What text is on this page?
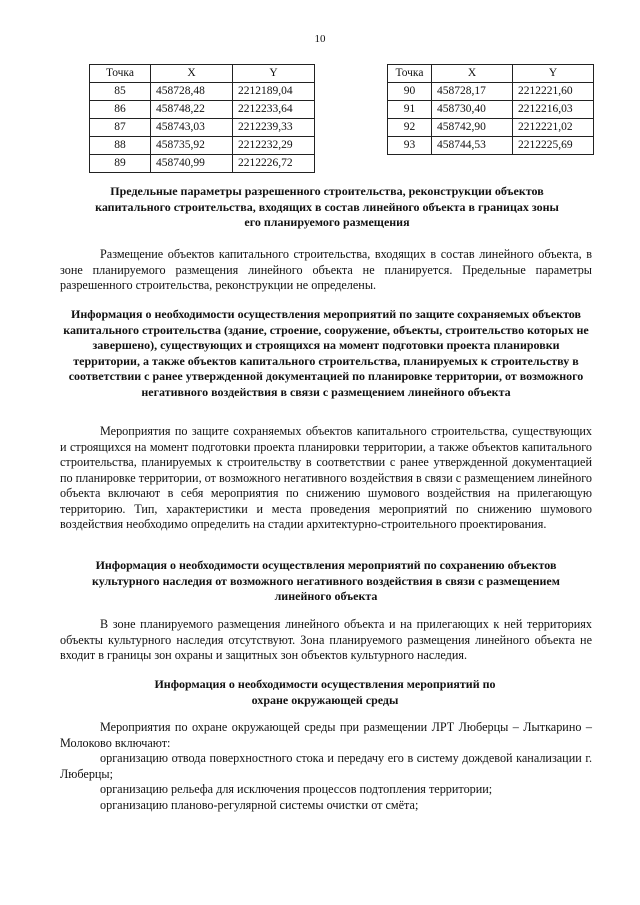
10
Точка	X	Y
85	458728,48	2212189,04
86	458748,22	2212233,64
87	458743,03	2212239,33
88	458735,92	2212232,29
89	458740,99	2212226,72
Точка	X	Y
90	458728,17	2212221,60
91	458730,40	2212216,03
92	458742,90	2212221,02
93	458744,53	2212225,69

Предельные параметры разрешенного строительства, реконструкции объектов капитального строительства, входящих в состав линейного объекта в границах зоны его планируемого размещения

Размещение объектов капитального строительства, входящих в состав линейного объекта, в зоне планируемого размещения линейного объекта не планируется. Предельные параметры разрешенного строительства, реконструкции не определены.

Информация о необходимости осуществления мероприятий по защите сохраняемых объектов капитального строительства (здание, строение, сооружение, объекты, строительство которых не завершено), существующих и строящихся на момент подготовки проекта планировки территории, а также объектов капитального строительства, планируемых к строительству в соответствии с ранее утвержденной документацией по планировке территории, от возможного негативного воздействия в связи с размещением линейного объекта

Мероприятия по защите сохраняемых объектов капитального строительства, существующих и строящихся на момент подготовки проекта планировки территории, а также объектов капитального строительства, планируемых к строительству в соответствии с ранее утвержденной документацией по планировке территории, от возможного негативного воздействия в связи с размещением линейного объекта включают в себя мероприятия по снижению шумового воздействия на прилегающую территорию. Тип, характеристики и места проведения мероприятий по снижению шумового воздействия необходимо определить на стадии архитектурно-строительного проектирования.

Информация о необходимости осуществления мероприятий по сохранению объектов культурного наследия от возможного негативного воздействия в связи с размещением линейного объекта

В зоне планируемого размещения линейного объекта и на прилегающих к ней территориях объекты культурного наследия отсутствуют. Зона планируемого размещения линейного объекта не входит в границы зон охраны и защитных зон объектов культурного наследия.

Информация о необходимости осуществления мероприятий по охране окружающей среды

Мероприятия по охране окружающей среды при размещении ЛРТ Люберцы – Лыткарино – Молоково включают:

организацию отвода поверхностного стока и передачу его в систему дождевой канализации г. Люберцы;

организацию рельефа для исключения процессов подтопления территории;

организацию планово-регулярной системы очистки от смёта;
